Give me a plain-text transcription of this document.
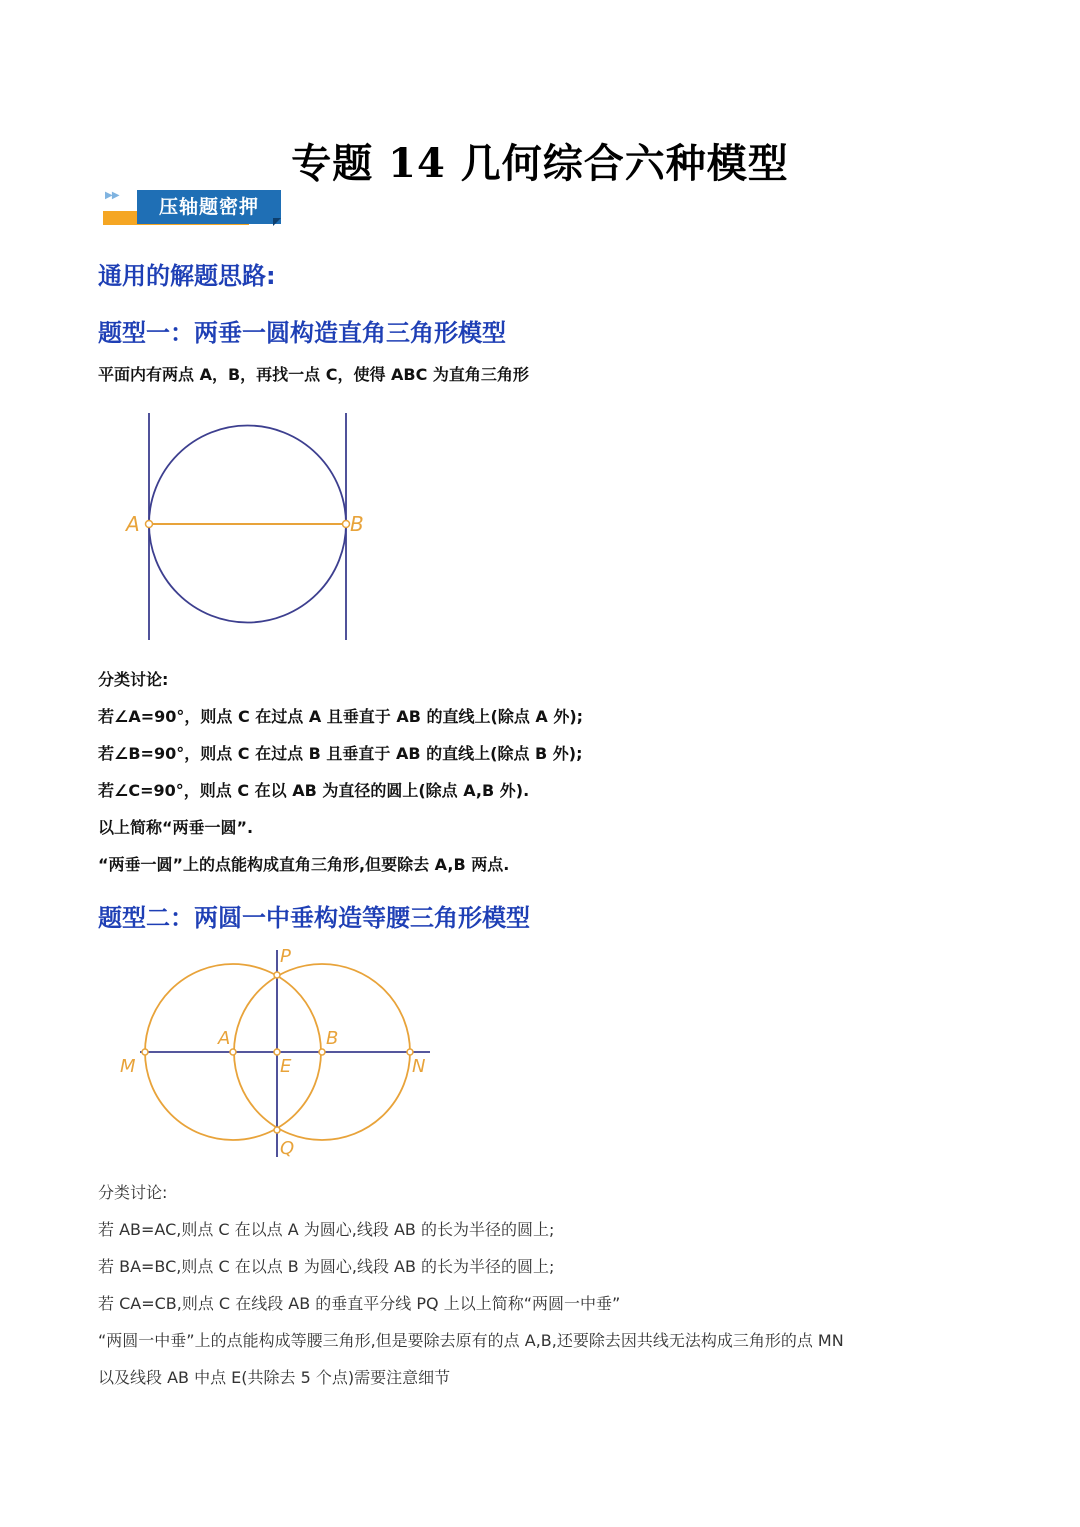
专题 14 几何综合六种模型
▶ ▶
压轴题密押
通用的解题思路:
题型一：两垂一圆构造直角三角形模型
平面内有两点 A，B，再找一点 C，使得 ABC 为直角三角形
A	B
分类讨论:
若∠A=90°，则点 C 在过点 A 且垂直于 AB 的直线上(除点 A 外);
若∠B=90°，则点 C 在过点 B 且垂直于 AB 的直线上(除点 B 外);
若∠C=90°，则点 C 在以 AB 为直径的圆上(除点 A,B 外).
以上简称“两垂一圆”.
“两垂一圆”上的点能构成直角三角形,但要除去 A,B 两点.
题型二：两圆一中垂构造等腰三角形模型
P
A	B
M	E	N
Q
分类讨论:
若 AB=AC,则点 C 在以点 A 为圆心,线段 AB 的长为半径的圆上;
若 BA=BC,则点 C 在以点 B 为圆心,线段 AB 的长为半径的圆上;
若 CA=CB,则点 C 在线段 AB 的垂直平分线 PQ 上以上简称“两圆一中垂”
“两圆一中垂”上的点能构成等腰三角形,但是要除去原有的点 A,B,还要除去因共线无法构成三角形的点 MN
以及线段 AB 中点 E(共除去 5 个点)需要注意细节
